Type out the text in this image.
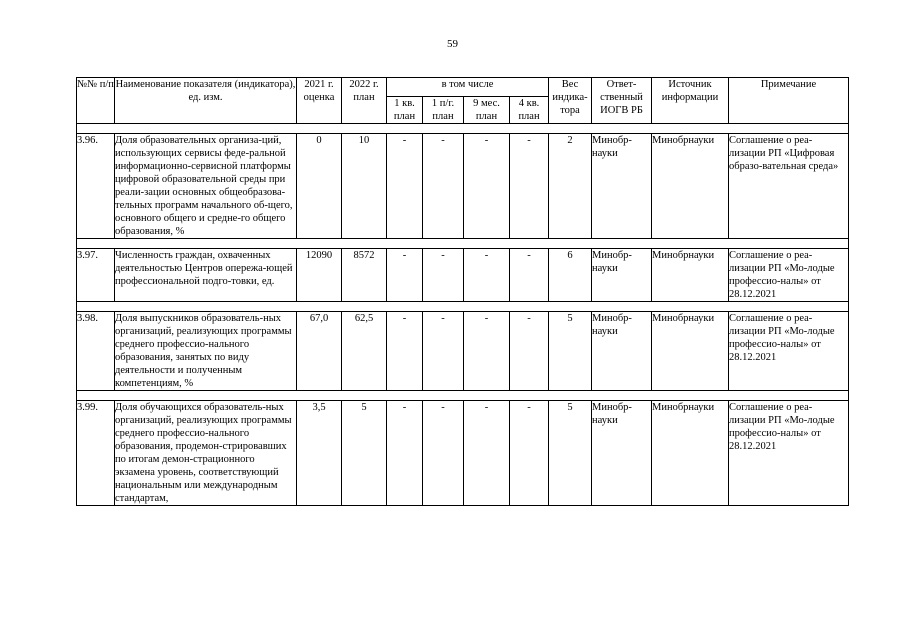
59
№№ п/п	Наименование показателя (индикатора), ед. изм.	2021 г. оценка	2022 г. план	в том числе				Вес индика-тора	Ответ-ственный ИОГВ РБ	Источник информации	Примечание
				1 кв. план	1 п/г. план	9 мес. план	4 кв. план				

3.96.	Доля образовательных организа-ций, использующих сервисы феде-ральной информационно-сервисной платформы цифровой образовательной среды при реали-зации основных общеобразова-тельных программ начального об-щего, основного общего и средне-го общего образования, %	0	10	-	-	-	-	2	Минобр-науки	Минобрнауки	Соглашение о реа-лизации РП «Цифровая образо-вательная среда»

3.97.	Численность граждан, охваченных деятельностью Центров опережа-ющей профессиональной подго-товки, ед.	12090	8572	-	-	-	-	6	Минобр-науки	Минобрнауки	Соглашение о реа-лизации РП «Мо-лодые профессио-налы» от 28.12.2021

3.98.	Доля выпускников образователь-ных организаций, реализующих программы среднего профессио-нального образования, занятых по виду деятельности и полученным компетенциям, %	67,0	62,5	-	-	-	-	5	Минобр-науки	Минобрнауки	Соглашение о реа-лизации РП «Мо-лодые профессио-налы» от 28.12.2021

3.99.	Доля обучающихся образователь-ных организаций, реализующих программы среднего профессио-нального образования, продемон-стрировавших по итогам демон-страционного экзамена уровень, соответствующий национальным или международным стандартам,	3,5	5	-	-	-	-	5	Минобр-науки	Минобрнауки	Соглашение о реа-лизации РП «Мо-лодые профессио-налы» от 28.12.2021
